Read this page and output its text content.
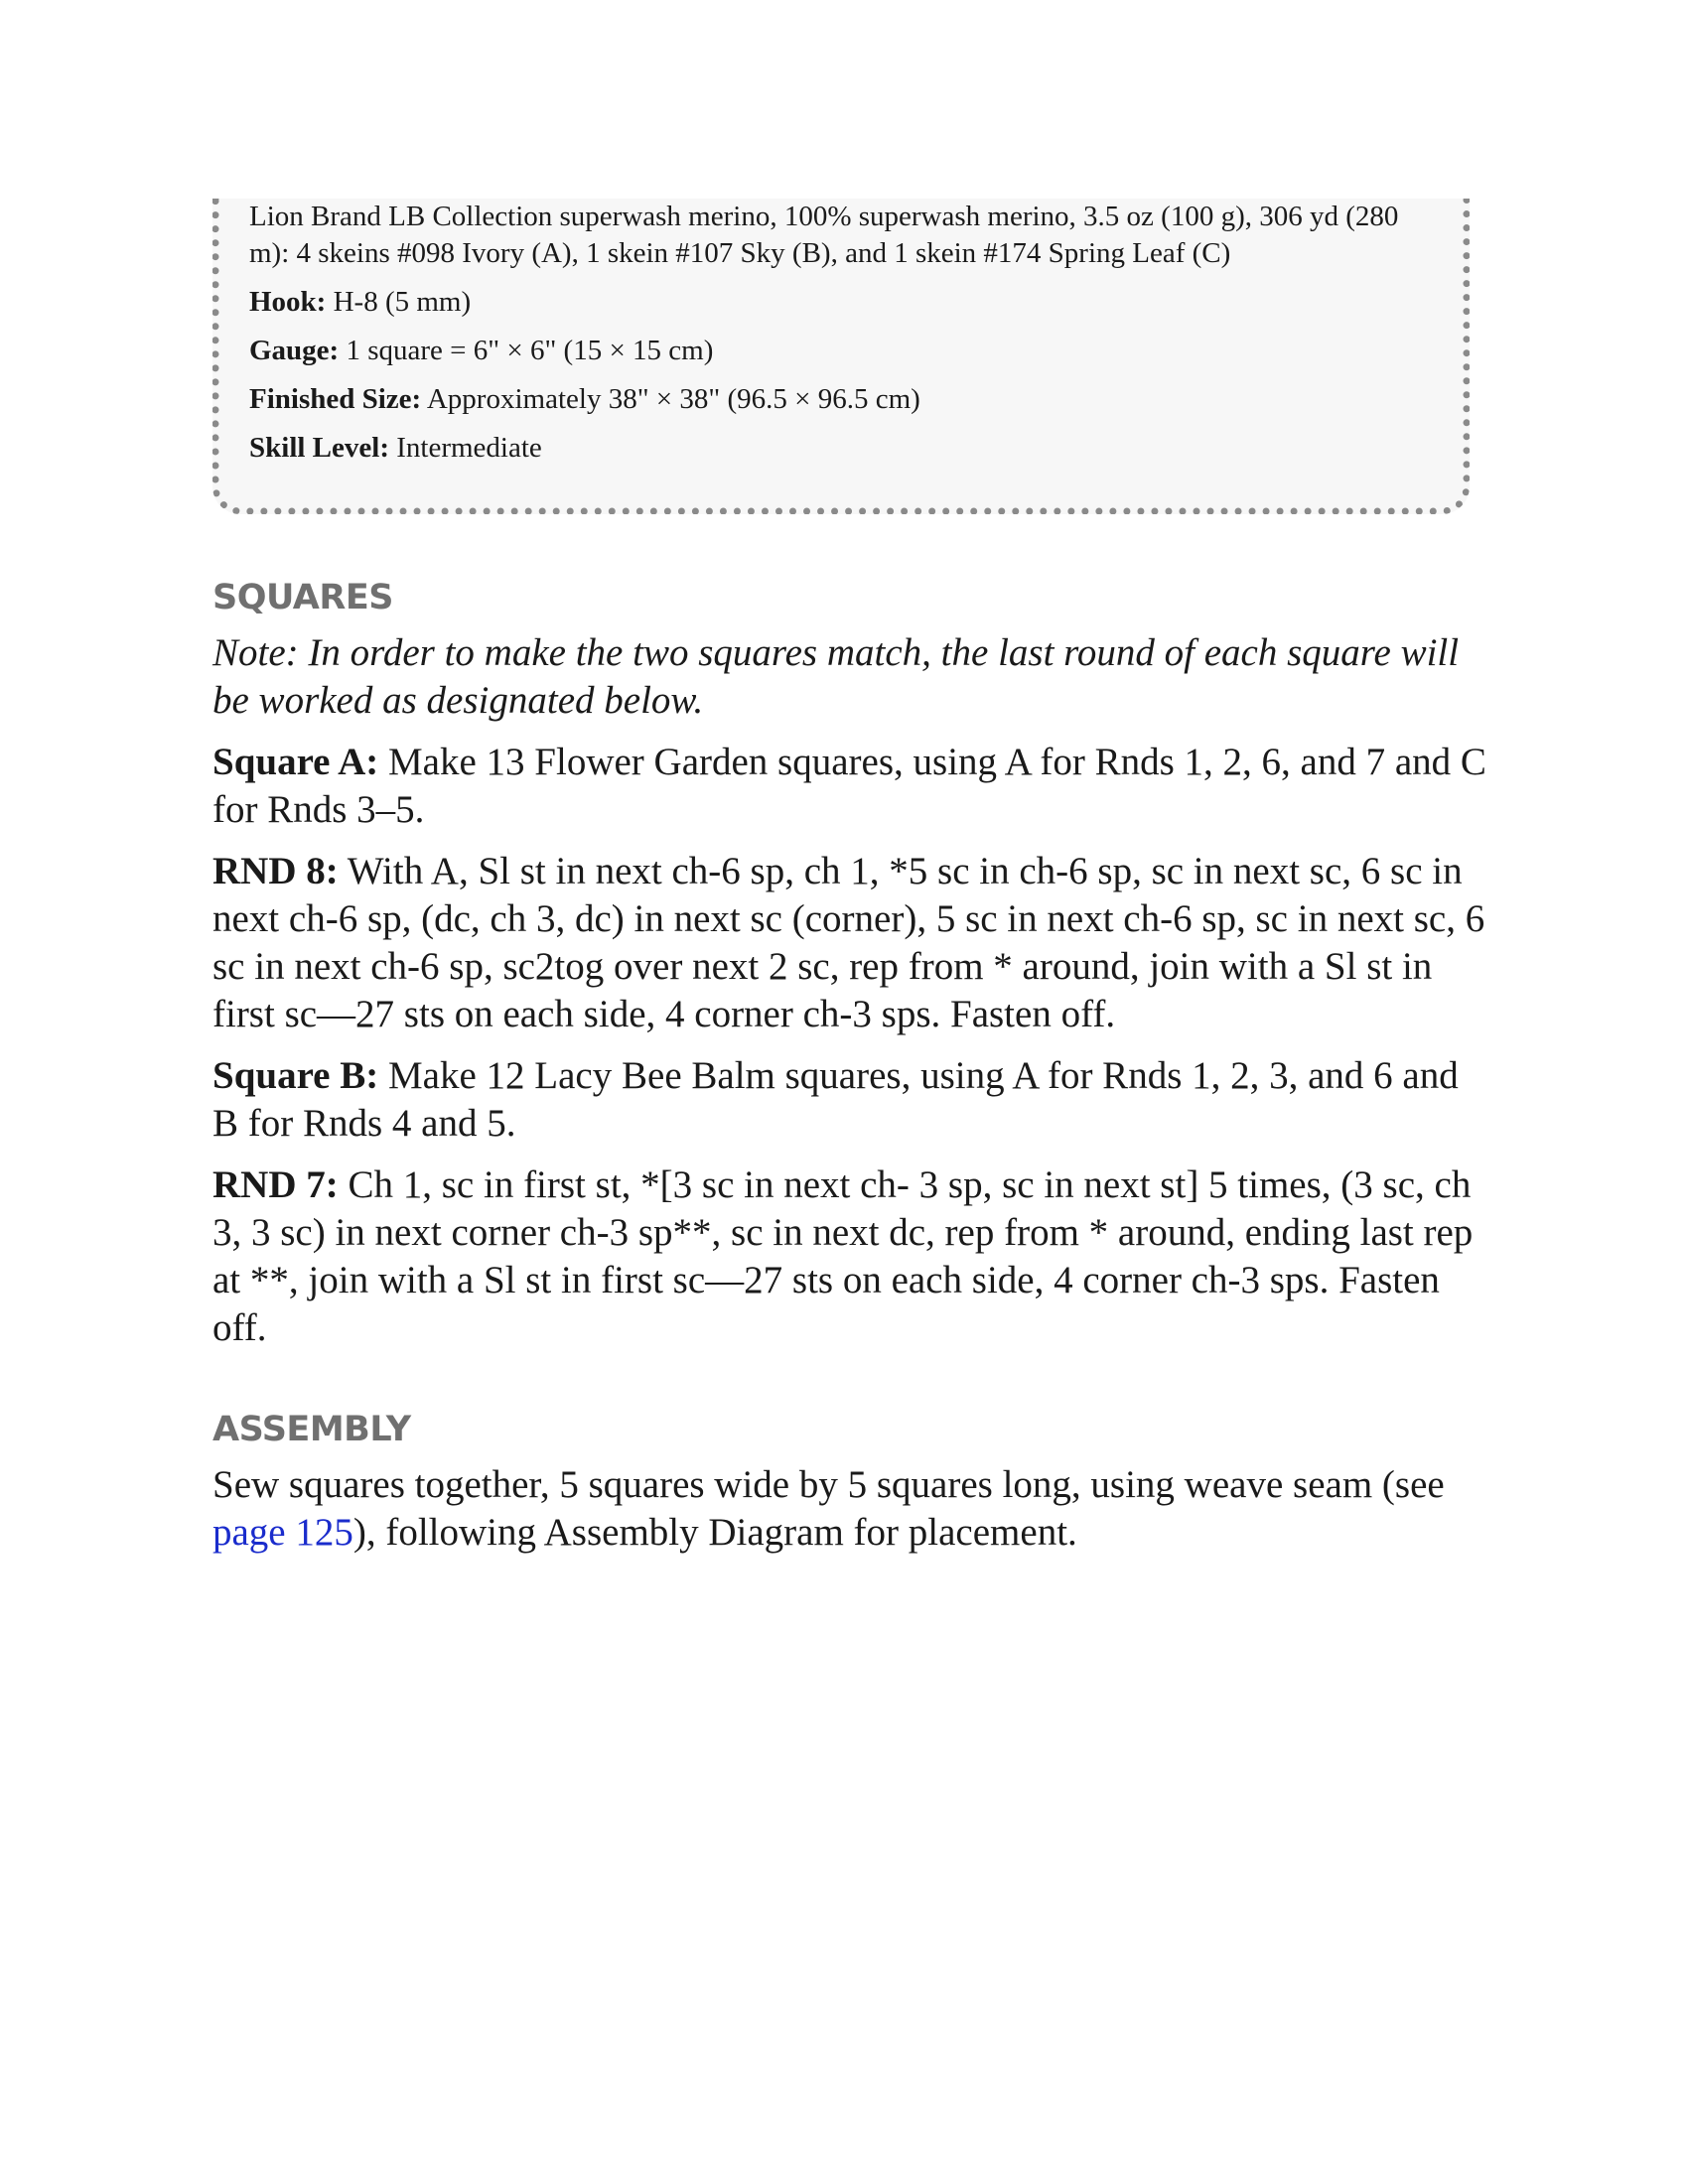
Lion Brand LB Collection superwash merino, 100% superwash merino, 3.5 oz (100 g), 306 yd (280 m): 4 skeins #098 Ivory (A), 1 skein #107 Sky (B), and 1 skein #174 Spring Leaf (C)

Hook: H-8 (5 mm)

Gauge: 1 square = 6" × 6" (15 × 15 cm)

Finished Size: Approximately 38" × 38" (96.5 × 96.5 cm)

Skill Level: Intermediate

SQUARES

Note: In order to make the two squares match, the last round of each square will be worked as designated below.

Square A: Make 13 Flower Garden squares, using A for Rnds 1, 2, 6, and 7 and C for Rnds 3–5.

RND 8: With A, Sl st in next ch-6 sp, ch 1, *5 sc in ch-6 sp, sc in next sc, 6 sc in next ch-6 sp, (dc, ch 3, dc) in next sc (corner), 5 sc in next ch-6 sp, sc in next sc, 6 sc in next ch-6 sp, sc2tog over next 2 sc, rep from * around, join with a Sl st in first sc—27 sts on each side, 4 corner ch-3 sps. Fasten off.

Square B: Make 12 Lacy Bee Balm squares, using A for Rnds 1, 2, 3, and 6 and B for Rnds 4 and 5.

RND 7: Ch 1, sc in first st, *[3 sc in next ch- 3 sp, sc in next st] 5 times, (3 sc, ch 3, 3 sc) in next corner ch-3 sp**, sc in next dc, rep from * around, ending last rep at **, join with a Sl st in first sc—27 sts on each side, 4 corner ch-3 sps. Fasten off.

ASSEMBLY

Sew squares together, 5 squares wide by 5 squares long, using weave seam (see page 125), following Assembly Diagram for placement.
